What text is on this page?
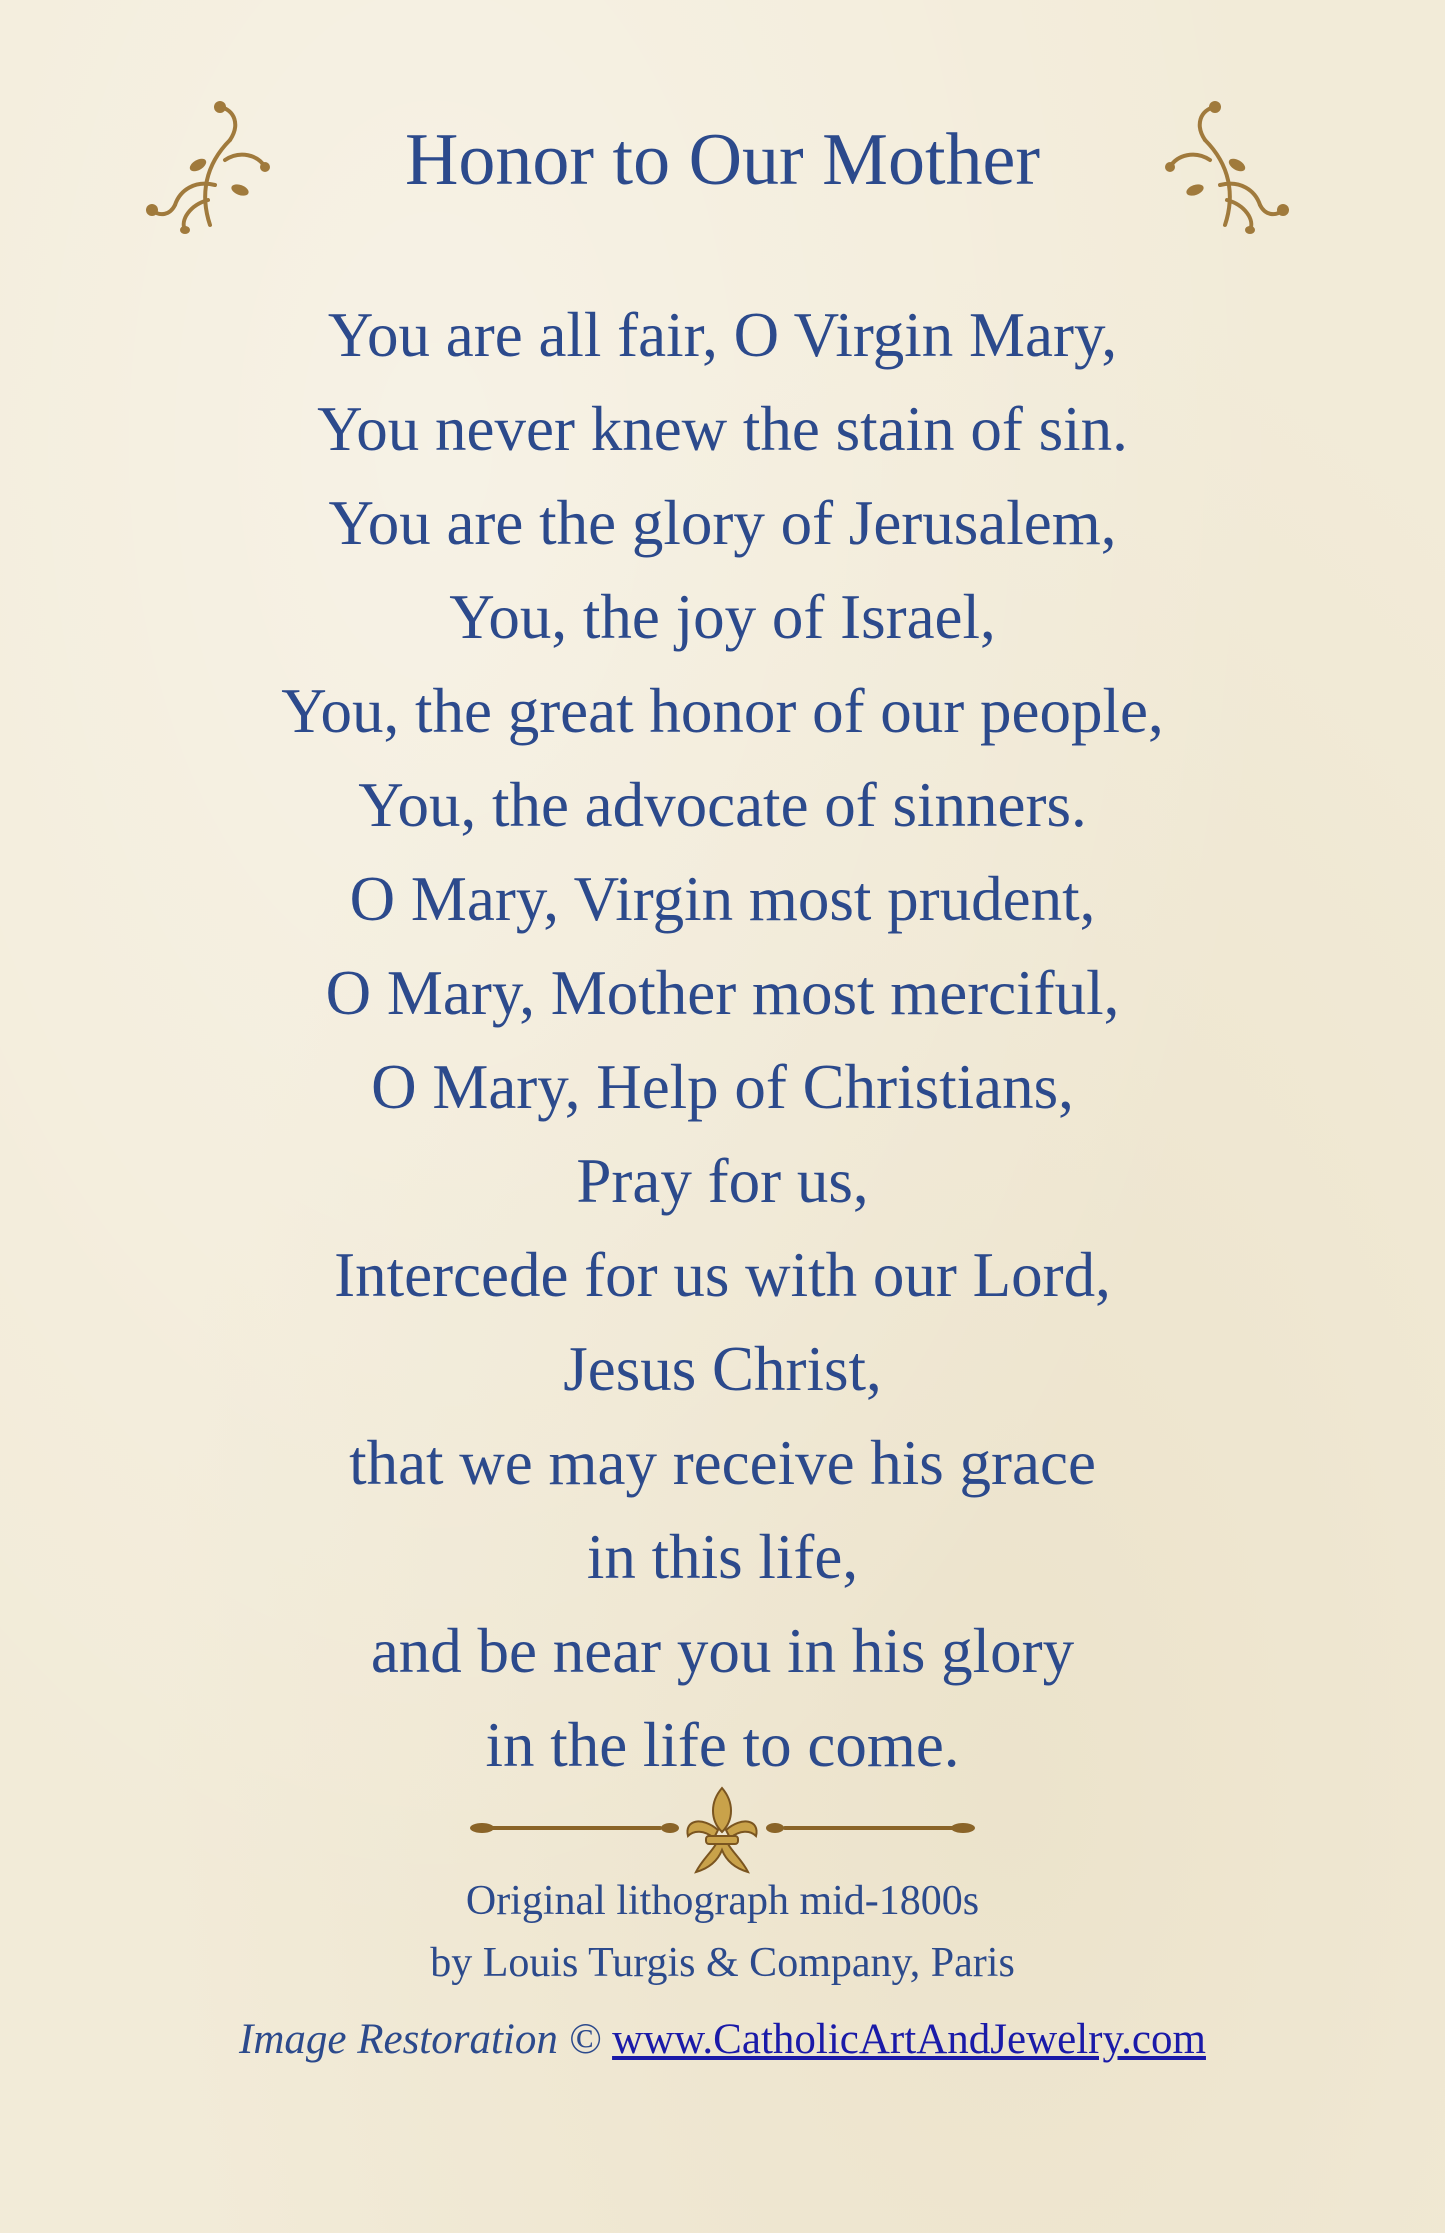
Honor to Our Mother
You are all fair, O Virgin Mary,
You never knew the stain of sin.
You are the glory of Jerusalem,
You, the joy of Israel,
You, the great honor of our people,
You, the advocate of sinners.
O Mary, Virgin most prudent,
O Mary, Mother most merciful,
O Mary, Help of Christians,
Pray for us,
Intercede for us with our Lord,
Jesus Christ,
that we may receive his grace
in this life,
and be near you in his glory
in the life to come.
Original lithograph mid-1800s
by Louis Turgis & Company, Paris
Image Restoration © www.CatholicArtAndJewelry.com
